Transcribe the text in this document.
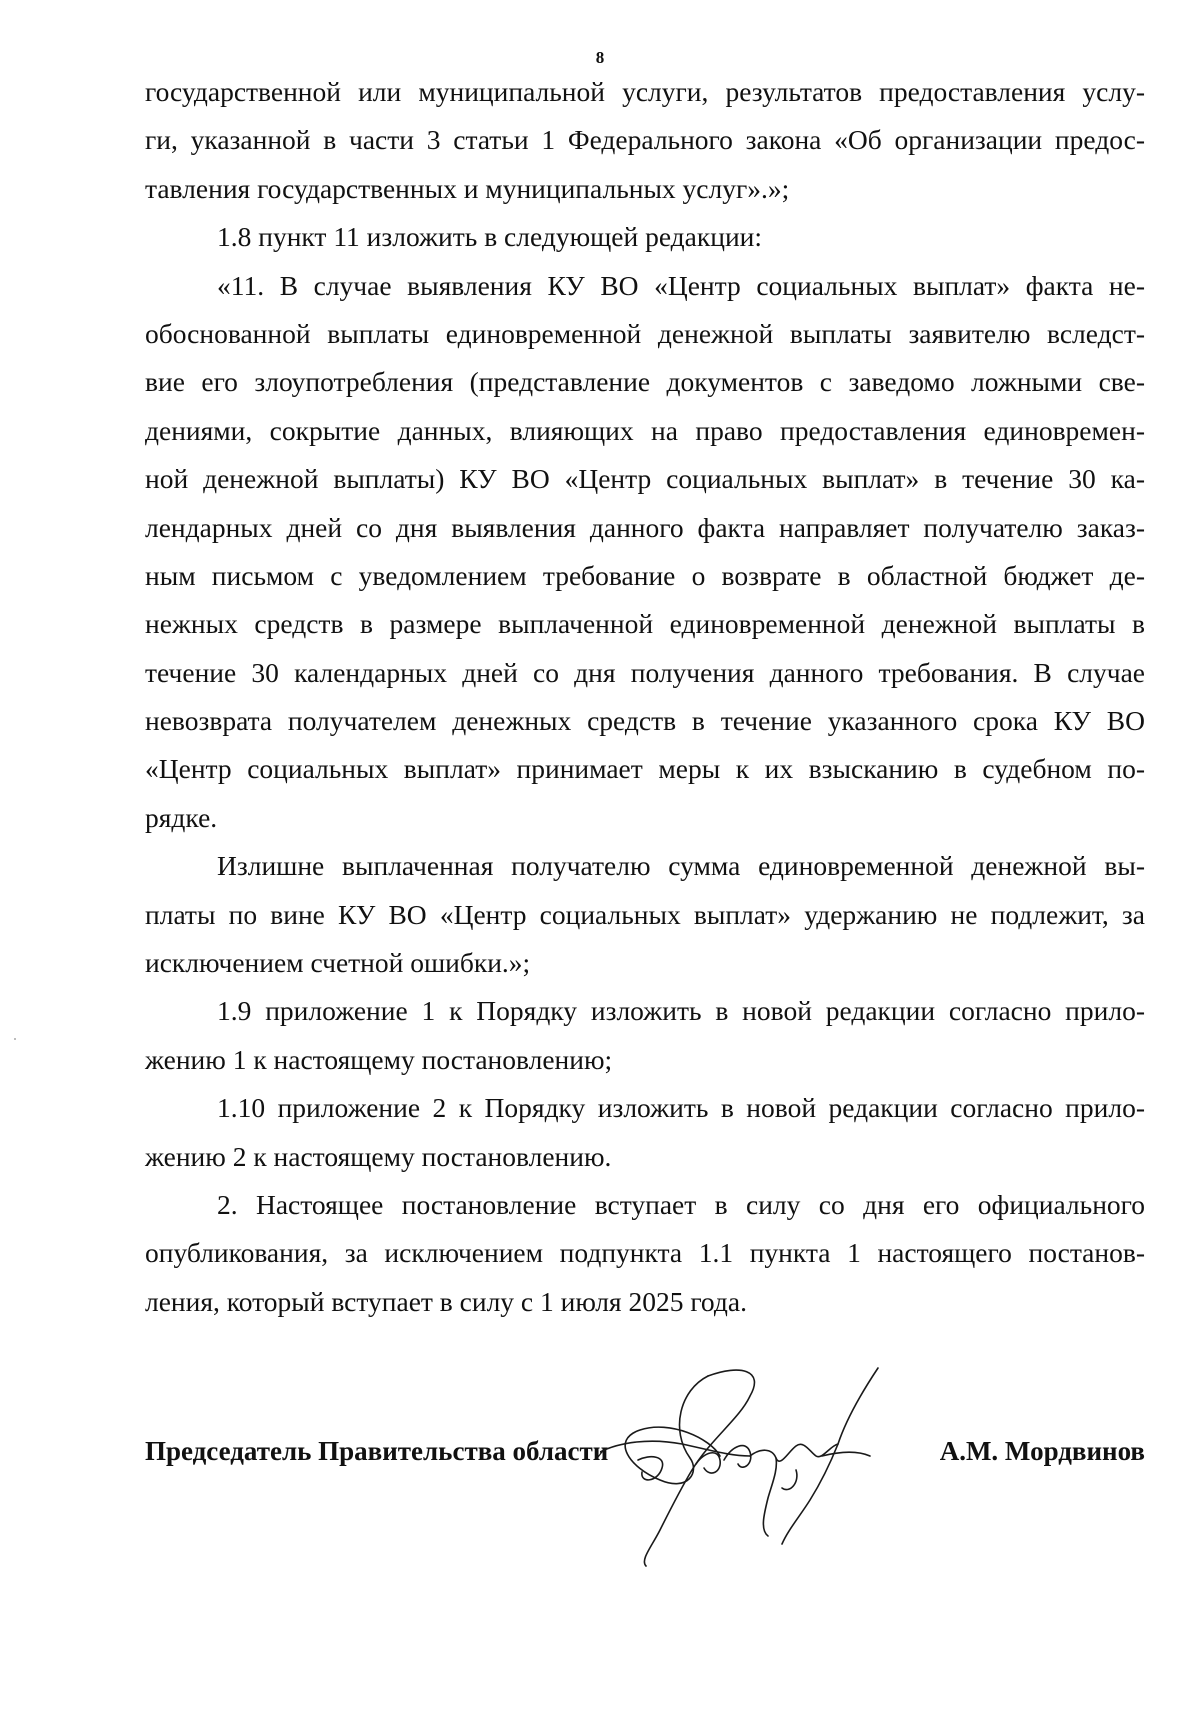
8
государственной или муниципальной услуги, результатов предоставления услу-
ги, указанной в части 3 статьи 1 Федерального закона «Об организации предос-
тавления государственных и муниципальных услуг».»;
1.8 пункт 11 изложить в следующей редакции:
«11. В случае выявления КУ ВО «Центр социальных выплат» факта не-
обоснованной выплаты единовременной денежной выплаты заявителю вследст-
вие его злоупотребления (представление документов с заведомо ложными све-
дениями, сокрытие данных, влияющих на право предоставления единовремен-
ной денежной выплаты) КУ ВО «Центр социальных выплат» в течение 30 ка-
лендарных дней со дня выявления данного факта направляет получателю заказ-
ным письмом с уведомлением требование о возврате в областной бюджет де-
нежных средств в размере выплаченной единовременной денежной выплаты в
течение 30 календарных дней со дня получения данного требования. В случае
невозврата получателем денежных средств в течение указанного срока КУ ВО
«Центр социальных выплат» принимает меры к их взысканию в судебном по-
рядке.
Излишне выплаченная получателю сумма единовременной денежной вы-
платы по вине КУ ВО «Центр социальных выплат» удержанию не подлежит, за
исключением счетной ошибки.»;
1.9 приложение 1 к Порядку изложить в новой редакции согласно прило-
жению 1 к настоящему постановлению;
1.10 приложение 2 к Порядку изложить в новой редакции согласно прило-
жению 2 к настоящему постановлению.
2. Настоящее постановление вступает в силу со дня его официального
опубликования, за исключением подпункта 1.1 пункта 1 настоящего постанов-
ления, который вступает в силу с 1 июля 2025 года.
Председатель Правительства области	А.М. Мордвинов
